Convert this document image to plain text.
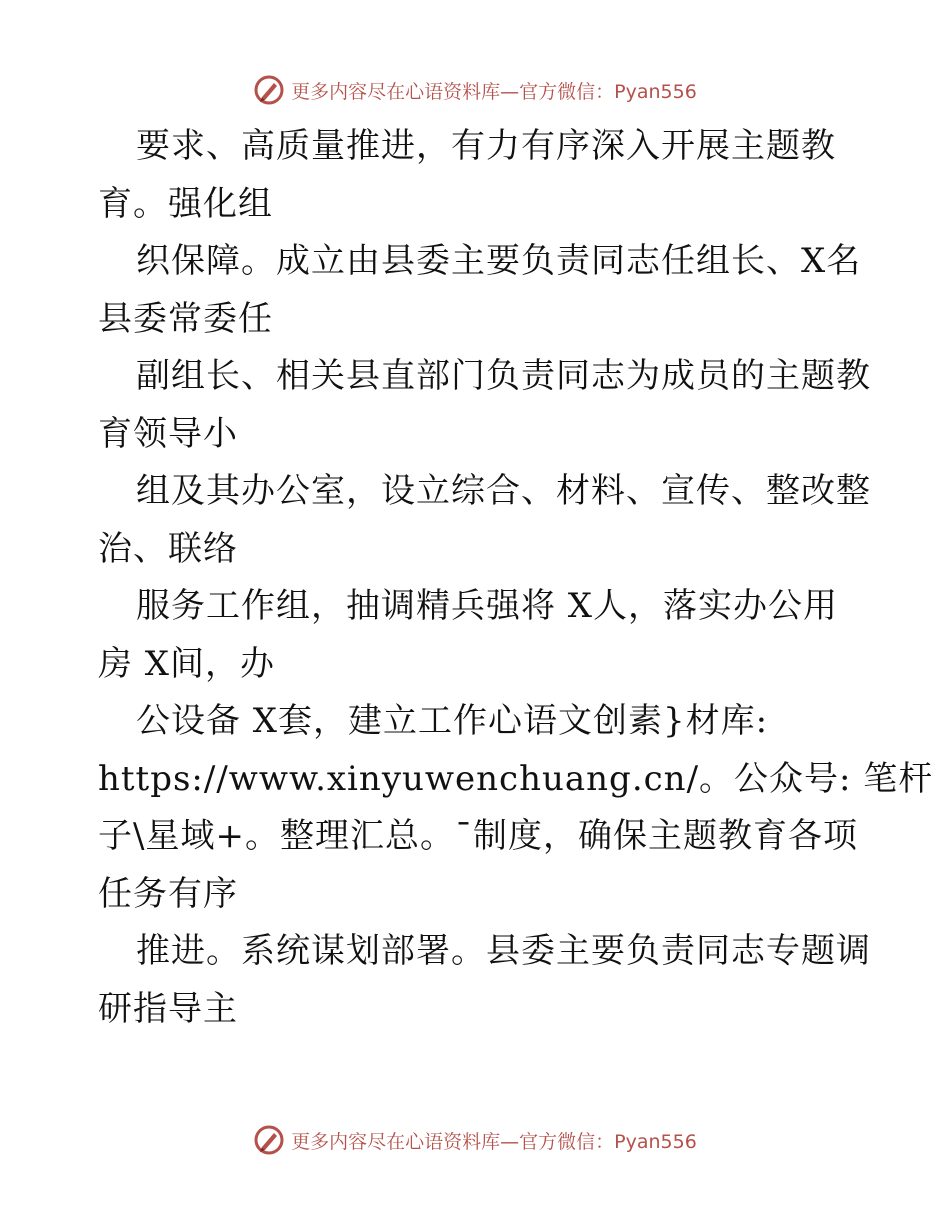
更多内容尽在心语资料库—官方微信：Pyan556
要求、高质量推进，有力有序深入开展主题教
育。强化组
织保障。成立由县委主要负责同志任组长、X名
县委常委任
副组长、相关县直部门负责同志为成员的主题教
育领导小
组及其办公室，设立综合、材料、宣传、整改整
治、联络
服务工作组，抽调精兵强将 X人，落实办公用
房 X间，办
公设备 X套，建立工作心语文创素}材库:
https://www.xinyuwenchuang.cn/。公众号: 笔杆
子\星域+。整理汇总。¯制度，确保主题教育各项
任务有序
推进。系统谋划部署。县委主要负责同志专题调
研指导主
更多内容尽在心语资料库—官方微信：Pyan556
